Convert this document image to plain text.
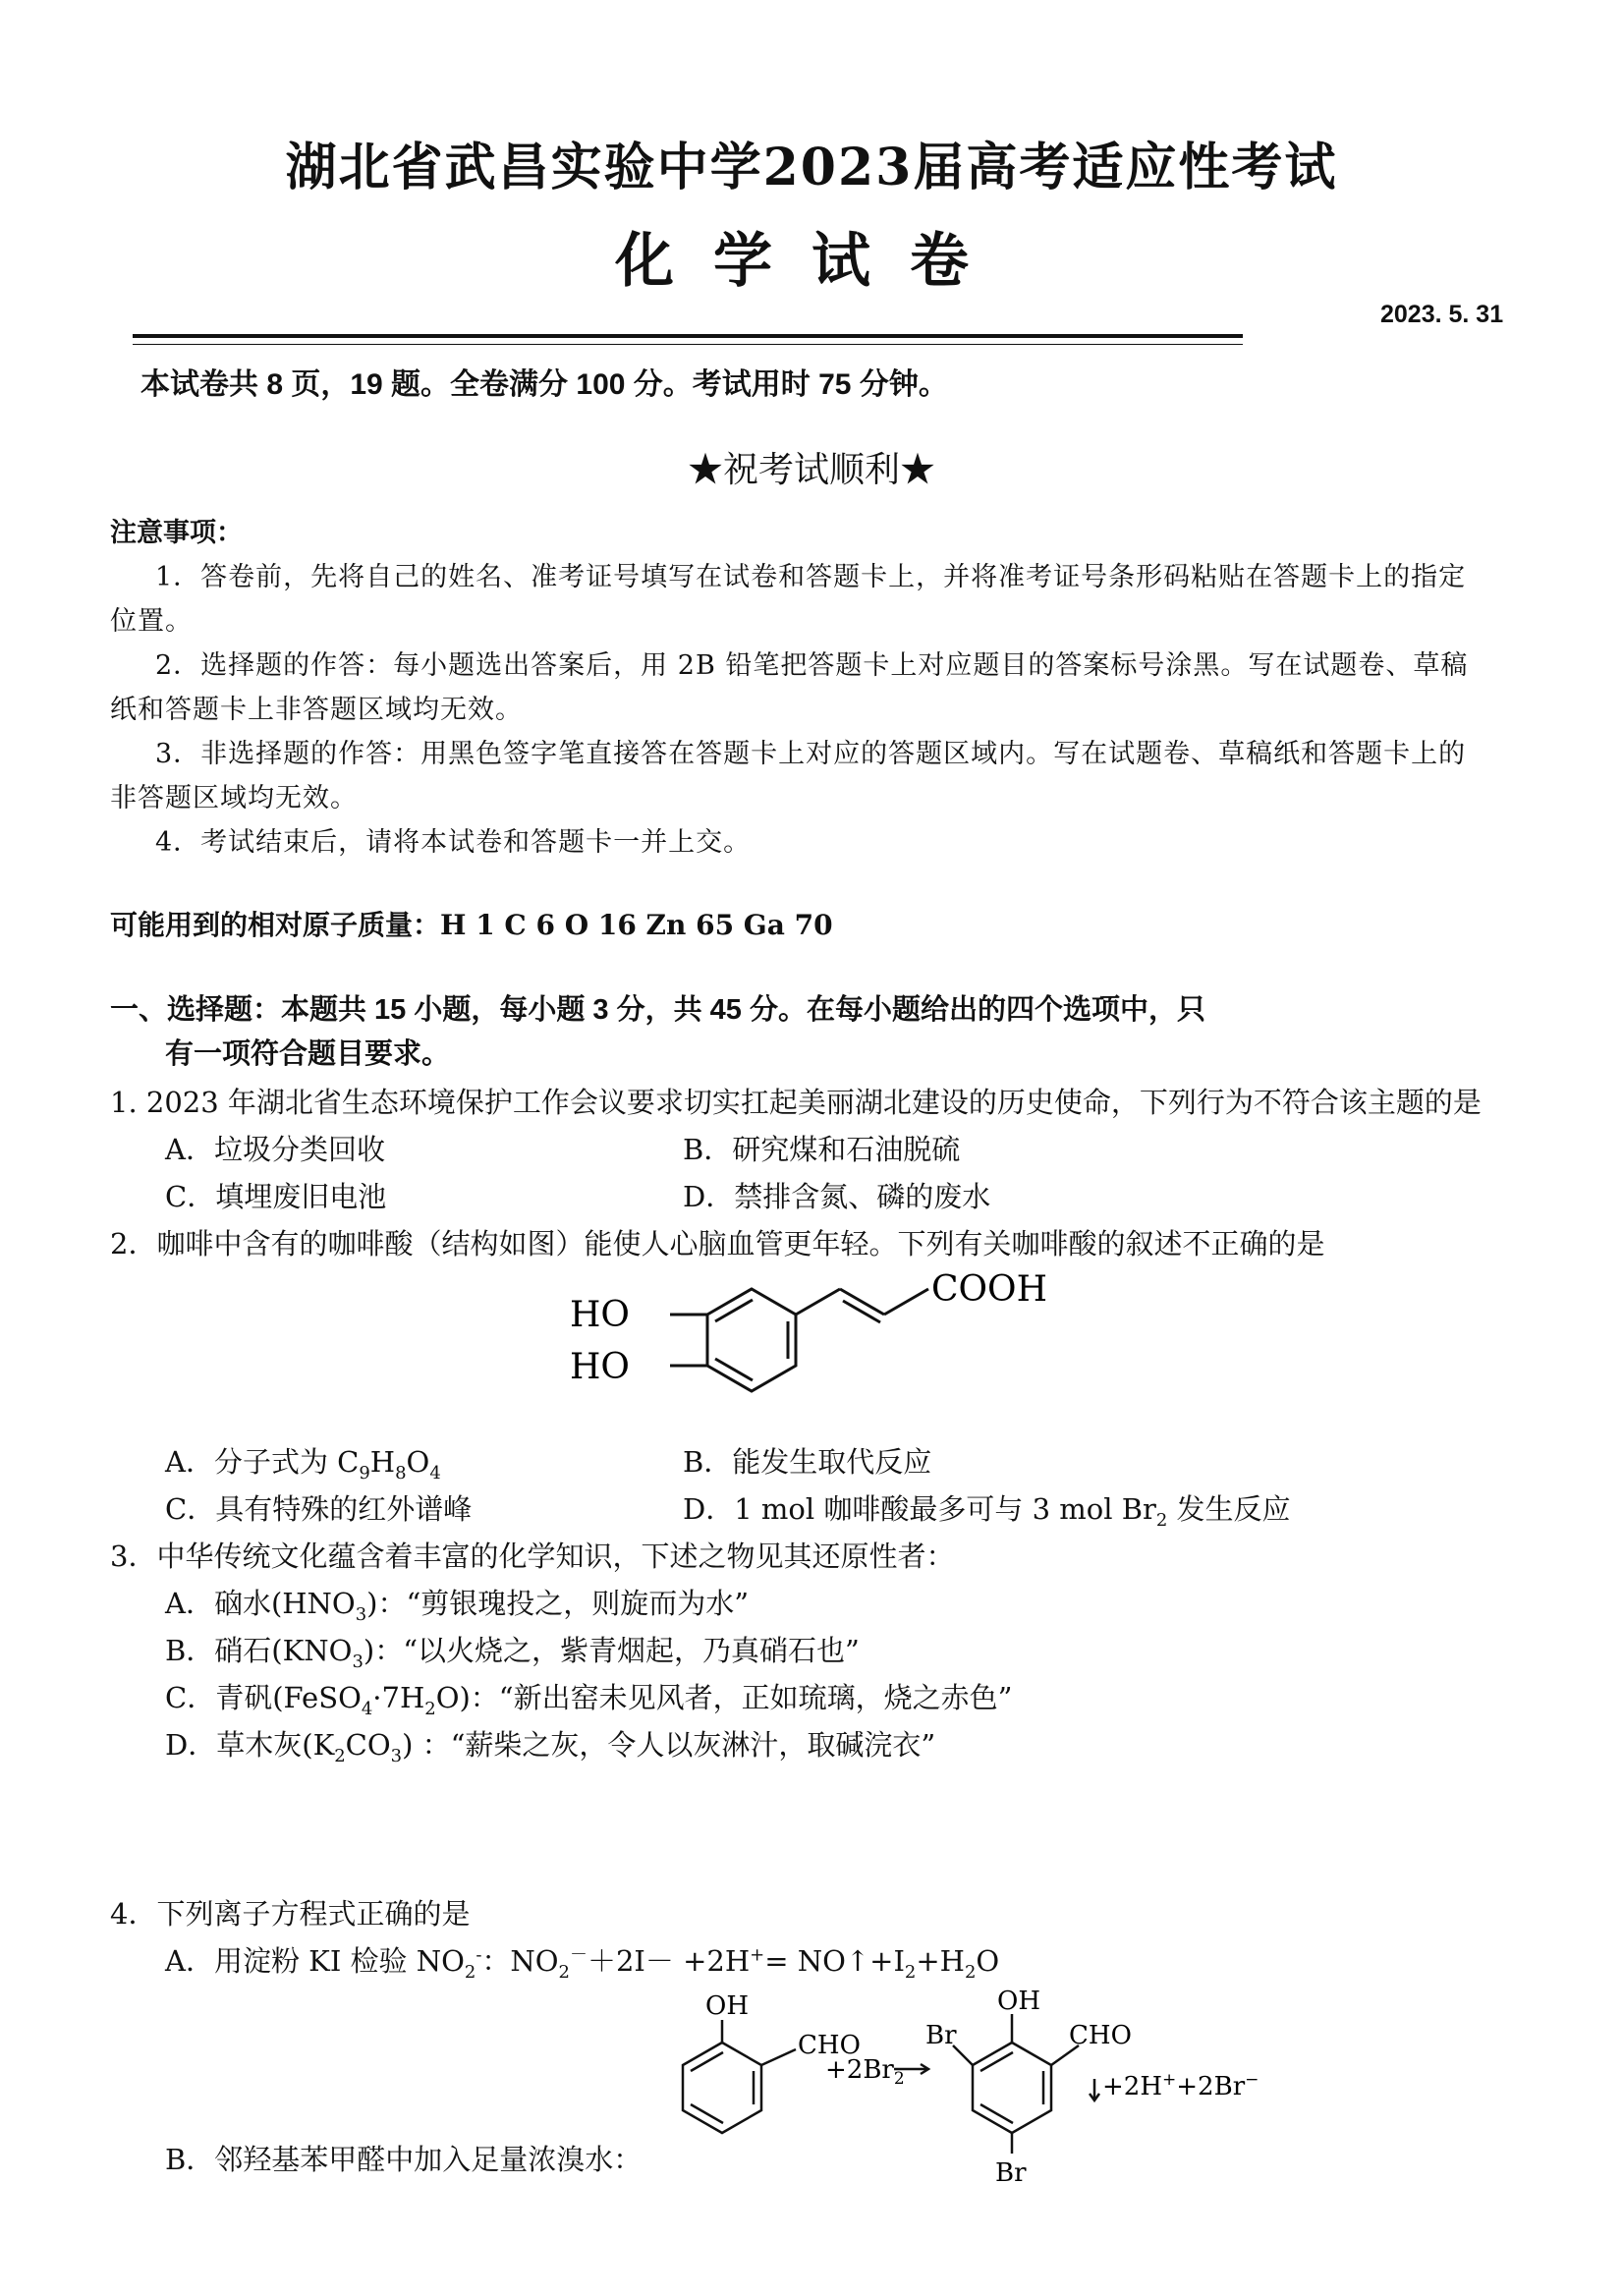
湖北省武昌实验中学2023届高考适应性考试
化学试卷
2023. 5. 31
本试卷共 8 页，19 题。全卷满分 100 分。考试用时 75 分钟。
★祝考试顺利★
注意事项：
1．答卷前，先将自己的姓名、准考证号填写在试卷和答题卡上，并将准考证号条形码粘贴在答题卡上的指定
位置。
2．选择题的作答：每小题选出答案后，用 2B 铅笔把答题卡上对应题目的答案标号涂黑。写在试题卷、草稿
纸和答题卡上非答题区域均无效。
3．非选择题的作答：用黑色签字笔直接答在答题卡上对应的答题区域内。写在试题卷、草稿纸和答题卡上的
非答题区域均无效。
4．考试结束后，请将本试卷和答题卡一并上交。
可能用到的相对原子质量：H 1 C 6 O 16 Zn 65 Ga 70
一、选择题：本题共 15 小题，每小题 3 分，共 45 分。在每小题给出的四个选项中，只
有一项符合题目要求。
1. 2023 年湖北省生态环境保护工作会议要求切实扛起美丽湖北建设的历史使命，下列行为不符合该主题的是
A．垃圾分类回收	B．研究煤和石油脱硫
C．填埋废旧电池	D．禁排含氮、磷的废水
2．咖啡中含有的咖啡酸（结构如图）能使人心脑血管更年轻。下列有关咖啡酸的叙述不正确的是
HO
HO
COOH
A．分子式为 $C_9H_8O_4$	B．能发生取代反应
C．具有特殊的红外谱峰	D．1 mol 咖啡酸最多可与 3 mol $Br_2$ 发生反应
3．中华传统文化蕴含着丰富的化学知识，下述之物见其还原性者：
A．硇水$(HNO_3)$：“剪银瑰投之，则旋而为水”
B．硝石$(KNO_3)$：“以火烧之，紫青烟起，乃真硝石也”
C．青矾$(FeSO_4\cdot 7H_2O)$：“新出窑未见风者，正如琉璃，烧之赤色”
D．草木灰$(K_2CO_3)$ ：“薪柴之灰，令人以灰淋汁，取碱浣衣”
4．下列离子方程式正确的是
A．用淀粉 KI 检验 $NO_2^-$：$NO_2^-+2I- +2H^+=$ $NO↑+I_2+H_2O$
OH
CHO
$+2Br_2$
OH
Br	CHO
Br
+2H++2Br−
B．邻羟基苯甲醛中加入足量浓溴水：
